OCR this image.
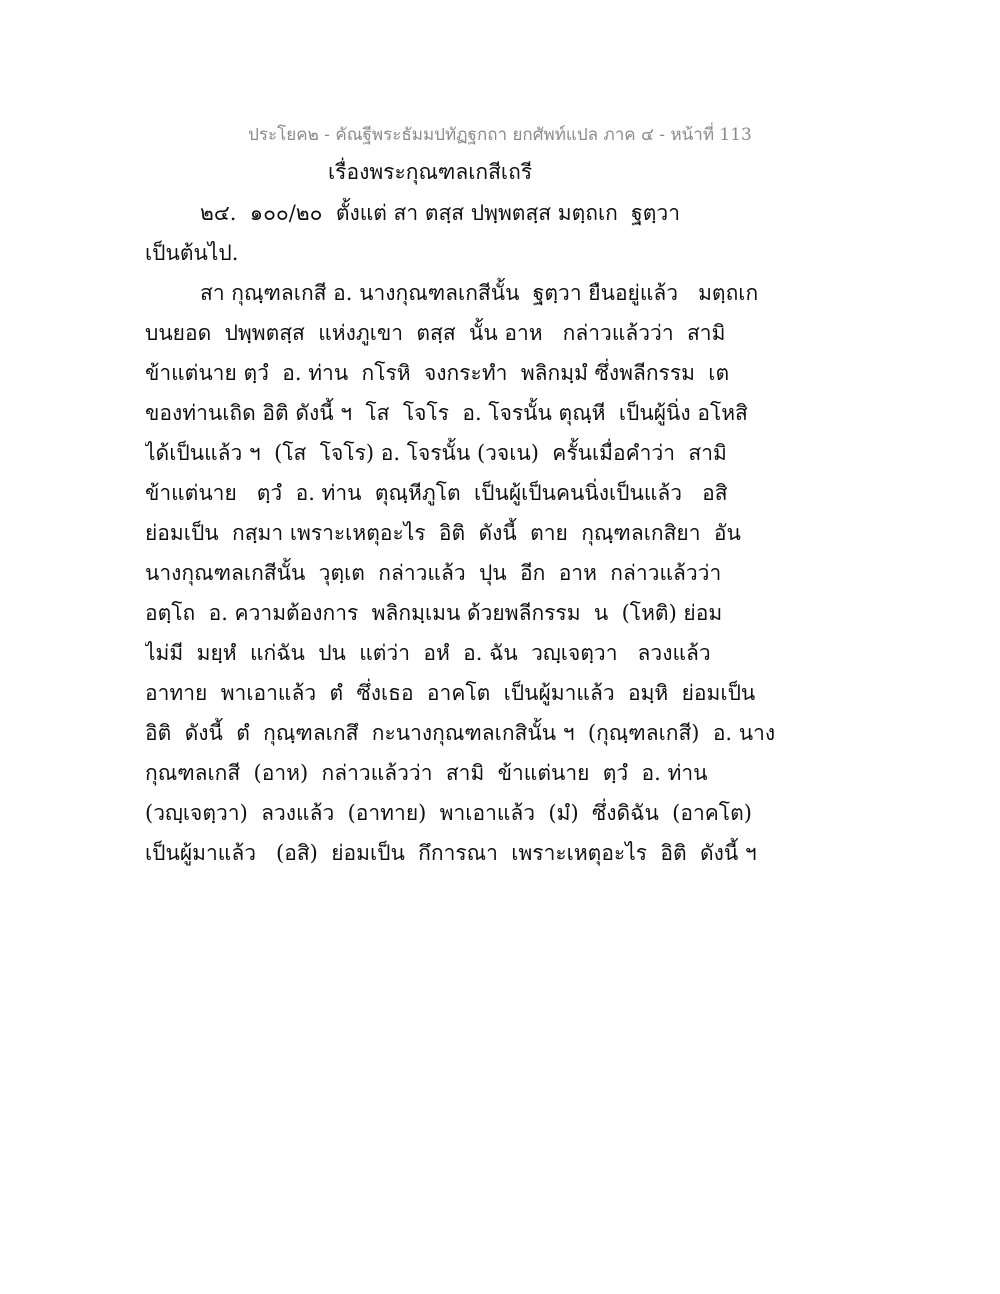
ประโยค๒ - คัณฐีพระธัมมปทัฏฐกถา ยกศัพท์แปล ภาค ๔ - หน้าที่ 113
เรื่องพระกุณฑลเกสีเถรี
๒๔.  ๑๐๐/๒๐  ตั้งแต่ สา ตสฺส ปพฺพตสฺส มตฺถเก  ฐตฺวา
เป็นต้นไป.
สา กุณฺฑลเกสี อ. นางกุณฑลเกสีนั้น  ฐตฺวา ยืนอยู่แล้ว   มตฺถเก
บนยอด  ปพฺพตสฺส  แห่งภูเขา  ตสฺส  นั้น อาห   กล่าวแล้วว่า  สามิ
ข้าแต่นาย ตฺวํ  อ. ท่าน  กโรหิ  จงกระทำ  พลิกมฺมํ ซึ่งพลีกรรม  เต
ของท่านเถิด อิติ ดังนี้ ฯ  โส  โจโร  อ. โจรนั้น ตุณฺหี  เป็นผู้นิ่ง อโหสิ
ได้เป็นแล้ว ฯ  (โส  โจโร) อ. โจรนั้น (วจเน)  ครั้นเมื่อคำว่า  สามิ
ข้าแต่นาย   ตฺวํ  อ. ท่าน  ตุณฺหีภูโต  เป็นผู้เป็นคนนิ่งเป็นแล้ว   อสิ
ย่อมเป็น  กสฺมา เพราะเหตุอะไร  อิติ  ดังนี้  ตาย  กุณฺฑลเกสิยา  อัน
นางกุณฑลเกสีนั้น  วุตฺเต  กล่าวแล้ว  ปุน  อีก  อาห  กล่าวแล้วว่า
อตฺโถ  อ. ความต้องการ  พลิกมฺเมน ด้วยพลีกรรม  น  (โหติ) ย่อม
ไม่มี  มยฺหํ  แก่ฉัน  ปน  แต่ว่า  อหํ  อ. ฉัน  วญฺเจตฺวา   ลวงแล้ว
อาทาย  พาเอาแล้ว  ตํ  ซึ่งเธอ  อาคโต  เป็นผู้มาแล้ว  อมฺหิ  ย่อมเป็น
อิติ  ดังนี้  ตํ  กุณฺฑลเกสึ  กะนางกุณฑลเกสินั้น ฯ  (กุณฺฑลเกสี)  อ. นาง
กุณฑลเกสี  (อาห)  กล่าวแล้วว่า  สามิ  ข้าแต่นาย  ตฺวํ  อ. ท่าน
(วญฺเจตฺวา)  ลวงแล้ว  (อาทาย)  พาเอาแล้ว  (มํ)  ซึ่งดิฉัน  (อาคโต)
เป็นผู้มาแล้ว   (อสิ)  ย่อมเป็น  กึการณา  เพราะเหตุอะไร  อิติ  ดังนี้ ฯ
